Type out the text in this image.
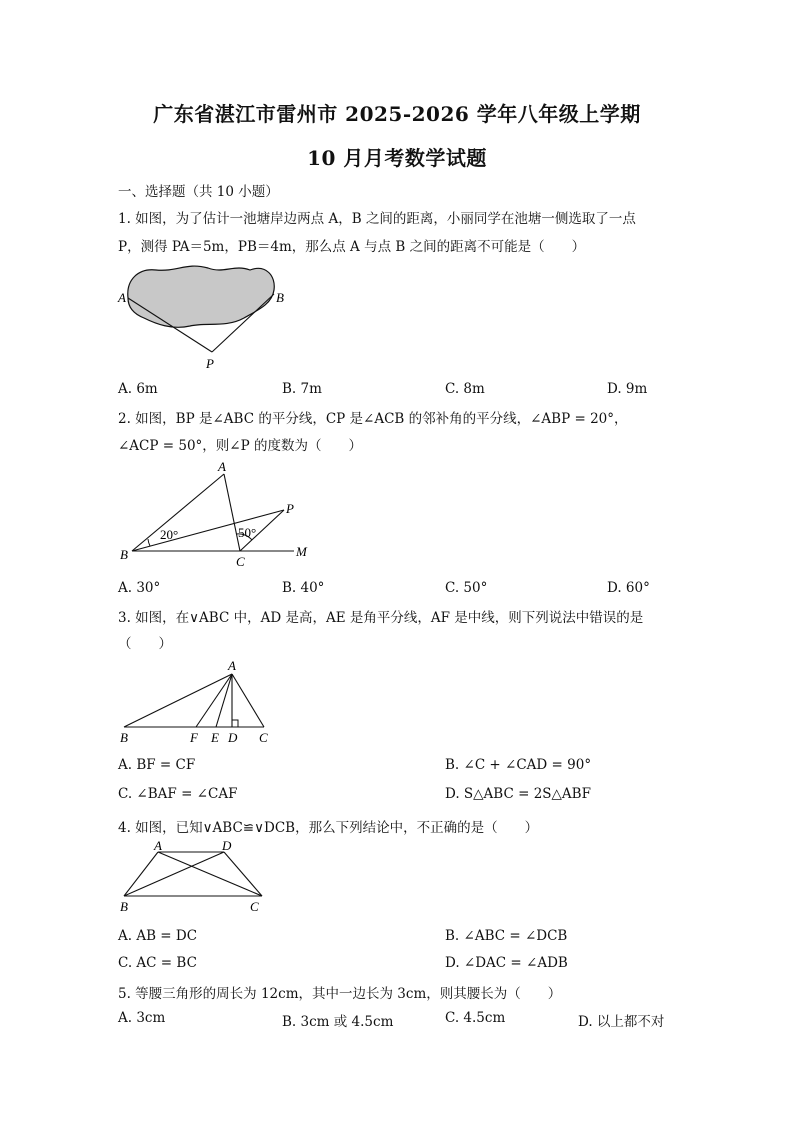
广东省湛江市雷州市 2025-2026 学年八年级上学期
10 月月考数学试题
一、选择题（共 10 小题）
1. 如图，为了估计一池塘岸边两点 A，B 之间的距离，小丽同学在池塘一侧选取了一点
P，测得 PA＝5m，PB＝4m，那么点 A 与点 B 之间的距离不可能是（　　）
A	B
P
A. 6m	B. 7m	C. 8m	D. 9m
2. 如图，BP 是∠ABC 的平分线，CP 是∠ACB 的邻补角的平分线，∠ABP = 20°，
∠ACP = 50°，则∠P 的度数为（　　）
A
P
B	C
M
20°	50°
A. 30°	B. 40°	C. 50°	D. 60°
3. 如图，在∨ABC 中，AD 是高，AE 是角平分线，AF 是中线，则下列说法中错误的是
（　　）
A
B	F E D C
A. BF = CF	B. ∠C + ∠CAD = 90°
C. ∠BAF = ∠CAF	D. S△ABC = 2S△ABF
4. 如图，已知∨ABC≌∨DCB，那么下列结论中，不正确的是（　　）
A	D
B	C
A. AB = DC	B. ∠ABC = ∠DCB
C. AC = BC	D. ∠DAC = ∠ADB
5. 等腰三角形的周长为 12cm，其中一边长为 3cm，则其腰长为（　　）
A. 3cm	B. 3cm 或 4.5cm	C. 4.5cm	D. 以上都不对
